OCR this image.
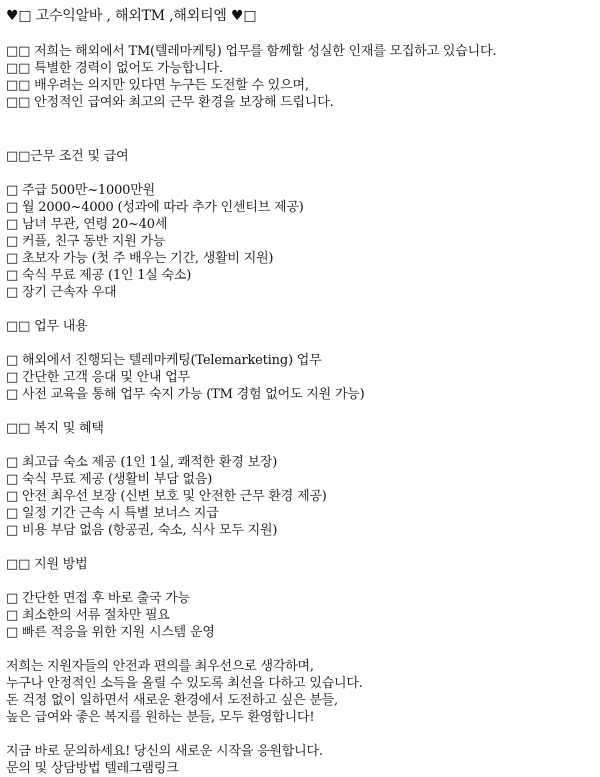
♥□ 고수익알바 , 해외TM ,해외티엠 ♥□
□□ 저희는 해외에서 TM(텔레마케팅) 업무를 함께할 성실한 인재를 모집하고 있습니다.
□□ 특별한 경력이 없어도 가능합니다.
□□ 배우려는 의지만 있다면 누구든 도전할 수 있으며,
□□ 안정적인 급여와 최고의 근무 환경을 보장해 드립니다.
□□근무 조건 및 급여
□ 주급 500만~1000만원
□ 월 2000~4000 (성과에 따라 추가 인센티브 제공)
□ 남녀 무관, 연령 20~40세
□ 커플, 친구 동반 지원 가능
□ 초보자 가능 (첫 주 배우는 기간, 생활비 지원)
□ 숙식 무료 제공 (1인 1실 숙소)
□ 장기 근속자 우대
□□ 업무 내용
□ 해외에서 진행되는 텔레마케팅(Telemarketing) 업무
□ 간단한 고객 응대 및 안내 업무
□ 사전 교육을 통해 업무 숙지 가능 (TM 경험 없어도 지원 가능)
□□ 복지 및 혜택
□ 최고급 숙소 제공 (1인 1실, 쾌적한 환경 보장)
□ 숙식 무료 제공 (생활비 부담 없음)
□ 안전 최우선 보장 (신변 보호 및 안전한 근무 환경 제공)
□ 일정 기간 근속 시 특별 보너스 지급
□ 비용 부담 없음 (항공권, 숙소, 식사 모두 지원)
□□ 지원 방법
□ 간단한 면접 후 바로 출국 가능
□ 최소한의 서류 절차만 필요
□ 빠른 적응을 위한 지원 시스템 운영
저희는 지원자들의 안전과 편의를 최우선으로 생각하며,
누구나 안정적인 소득을 올릴 수 있도록 최선을 다하고 있습니다.
돈 걱정 없이 일하면서 새로운 환경에서 도전하고 싶은 분들,
높은 급여와 좋은 복지를 원하는 분들, 모두 환영합니다!
지금 바로 문의하세요! 당신의 새로운 시작을 응원합니다.
문의 및 상담방법 텔레그램링크
